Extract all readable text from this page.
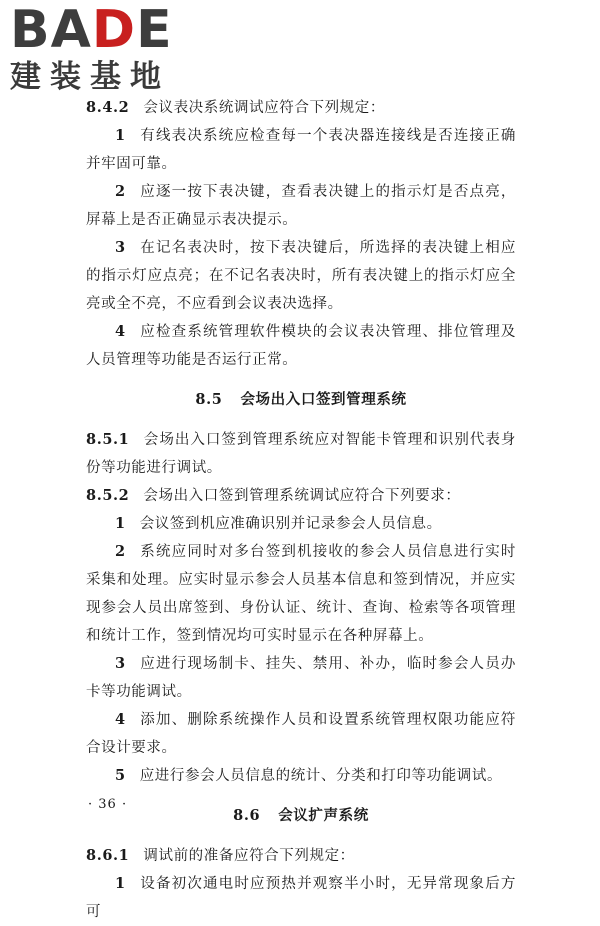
BADE
建装基地

8.4.2 会议表决系统调试应符合下列规定：

1 有线表决系统应检查每一个表决器连接线是否连接正确并牢固可靠。

2 应逐一按下表决键，查看表决键上的指示灯是否点亮，屏幕上是否正确显示表决提示。

3 在记名表决时，按下表决键后，所选择的表决键上相应的指示灯应点亮；在不记名表决时，所有表决键上的指示灯应全亮或全不亮，不应看到会议表决选择。

4 应检查系统管理软件模块的会议表决管理、排位管理及人员管理等功能是否运行正常。

8.5 会场出入口签到管理系统

8.5.1 会场出入口签到管理系统应对智能卡管理和识别代表身份等功能进行调试。

8.5.2 会场出入口签到管理系统调试应符合下列要求：

1 会议签到机应准确识别并记录参会人员信息。

2 系统应同时对多台签到机接收的参会人员信息进行实时采集和处理。应实时显示参会人员基本信息和签到情况，并应实现参会人员出席签到、身份认证、统计、查询、检索等各项管理和统计工作，签到情况均可实时显示在各种屏幕上。

3 应进行现场制卡、挂失、禁用、补办，临时参会人员办卡等功能调试。

4 添加、删除系统操作人员和设置系统管理权限功能应符合设计要求。

5 应进行参会人员信息的统计、分类和打印等功能调试。

8.6 会议扩声系统

8.6.1 调试前的准备应符合下列规定：

1 设备初次通电时应预热并观察半小时，无异常现象后方可

· 36 ·
